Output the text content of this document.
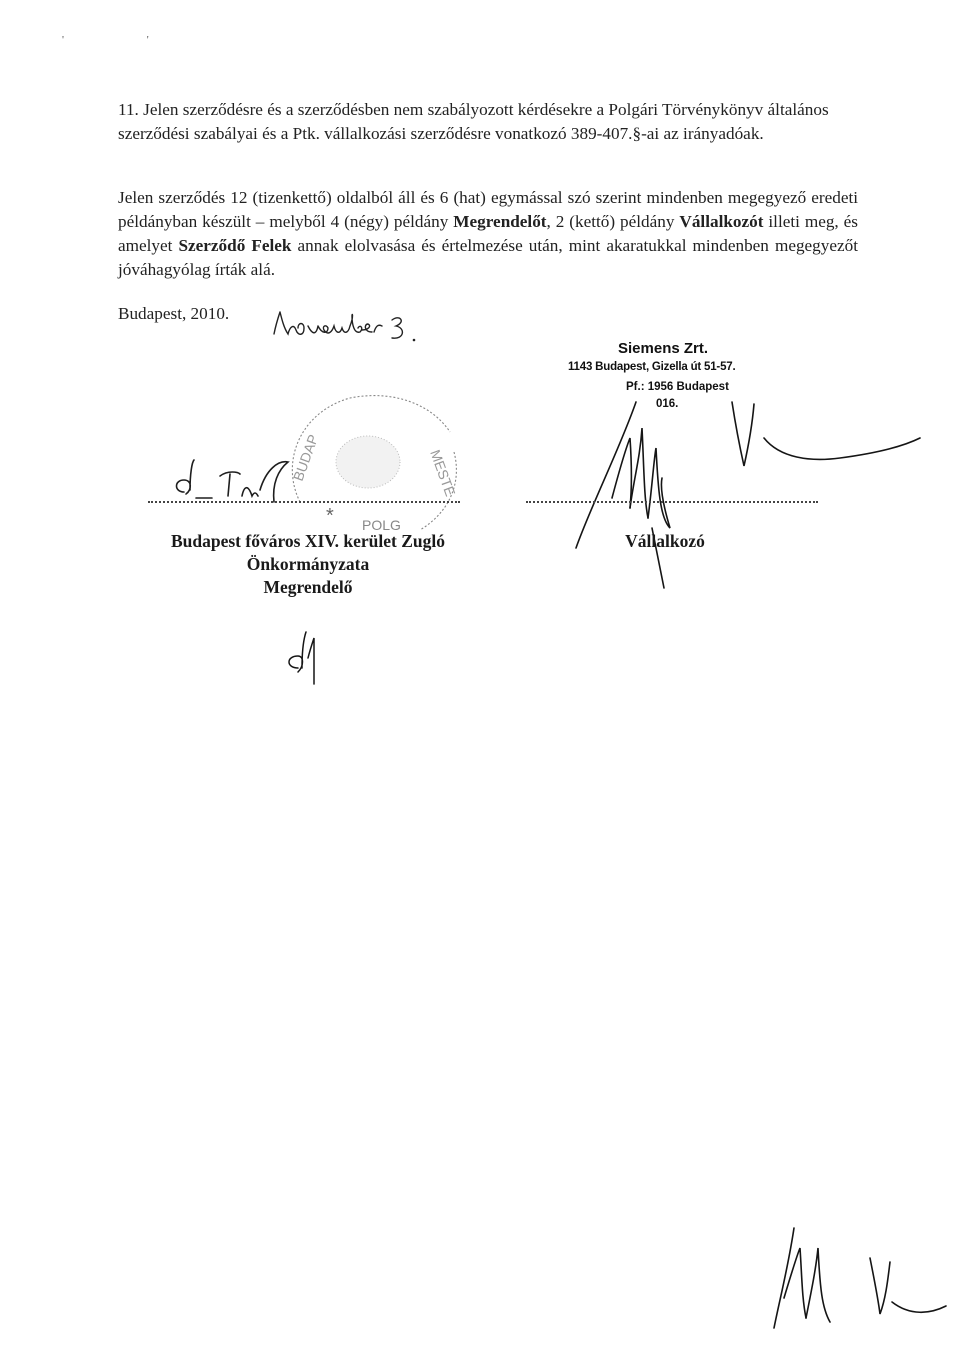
' '
11. Jelen szerződésre és a szerződésben nem szabályozott kérdésekre a Polgári Törvénykönyv általános szerződési szabályai és a Ptk. vállalkozási szerződésre vonatkozó 389-407.§-ai az irányadóak.
Jelen szerződés 12 (tizenkettő) oldalból áll és 6 (hat) egymással szó szerint mindenben megegyező eredeti példányban készült – melyből 4 (négy) példány Megrendelőt, 2 (kettő) példány Vállalkozót illeti meg, és amelyet Szerződő Felek annak elolvasása és értelmezése után, mint akaratukkal mindenben megegyezőt jóváhagyólag írták alá.
Budapest, 2010.
Siemens Zrt.
1143 Budapest, Gizella út 51-57.
Pf.: 1956 Budapest
016.
BUDAP	MESTE
POLG
*
Budapest főváros XIV. kerület Zugló
Önkormányzata
Megrendelő
Vállalkozó
